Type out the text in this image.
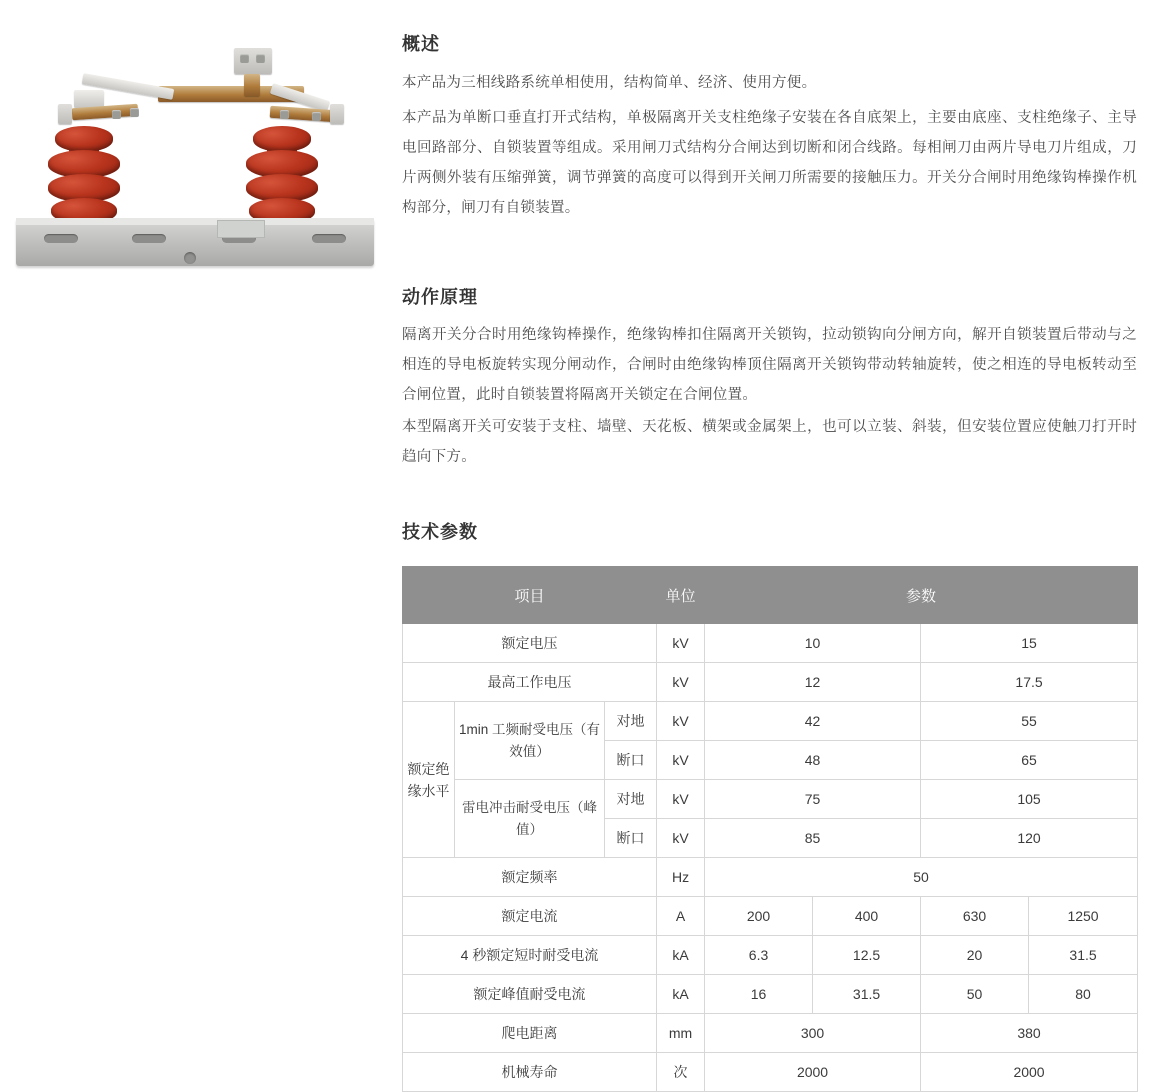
概述

本产品为三相线路系统单相使用，结构简单、经济、使用方便。

本产品为单断口垂直打开式结构，单极隔离开关支柱绝缘子安装在各自底架上，主要由底座、支柱绝缘子、主导电回路部分、自锁装置等组成。采用闸刀式结构分合闸达到切断和闭合线路。每相闸刀由两片导电刀片组成，刀片两侧外装有压缩弹簧，调节弹簧的高度可以得到开关闸刀所需要的接触压力。开关分合闸时用绝缘钩棒操作机构部分，闸刀有自锁装置。

动作原理

隔离开关分合时用绝缘钩棒操作，绝缘钩棒扣住隔离开关锁钩，拉动锁钩向分闸方向，解开自锁装置后带动与之相连的导电板旋转实现分闸动作，合闸时由绝缘钩棒顶住隔离开关锁钩带动转轴旋转，使之相连的导电板转动至合闸位置，此时自锁装置将隔离开关锁定在合闸位置。

本型隔离开关可安装于支柱、墙壁、天花板、横架或金属架上，也可以立装、斜装，但安装位置应使触刀打开时趋向下方。

技术参数
项目			单位	参数			
额定电压			kV	10		15	
最高工作电压			kV	12		17.5	
额定绝缘水平	1min 工频耐受电压（有效值）	对地	kV	42		55	
		断口	kV	48		65	
	雷电冲击耐受电压（峰值）	对地	kV	75		105	
		断口	kV	85		120	
额定频率			Hz	50			
额定电流			A	200	400	630	1250
4 秒额定短时耐受电流			kA	6.3	12.5	20	31.5
额定峰值耐受电流			kA	16	31.5	50	80
爬电距离			mm	300		380	
机械寿命			次	2000		2000	
